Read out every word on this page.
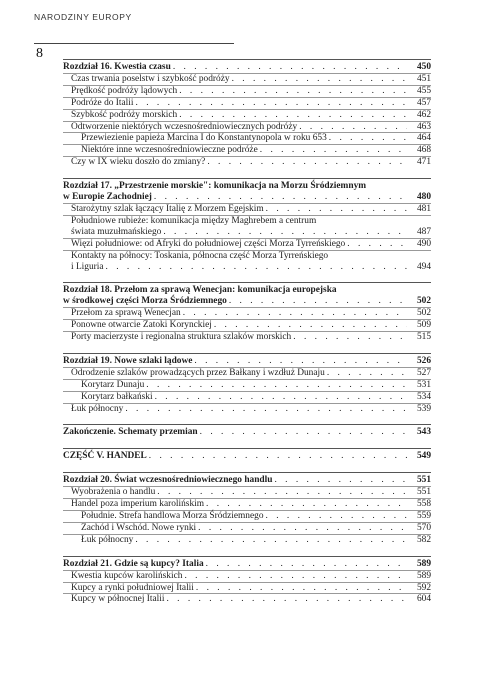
NARODZINY EUROPY
8
Rozdział 16. Kwestia czasu . . .	450
Czas trwania poselstw i szybkość podróży . . .	451
Prędkość podróży lądowych . . .	455
Podróże do Italii . . .	457
Szybkość podróży morskich . . .	462
Odtworzenie niektórych wczesnośredniowiecznych podróży . . .	463
Przewiezienie papieża Marcina I do Konstantynopola w roku 653 . . .	464
Niektóre inne wczesnośredniowieczne podróże . . .	468
Czy w IX wieku doszło do zmiany? . . .	471
Rozdział 17. „Przestrzenie morskie": komunikacja na Morzu Śródziemnym
w Europie Zachodniej . . .	480
Starożytny szlak łączący Italię z Morzem Egejskim . . .	481
Południowe rubieże: komunikacja między Maghrebem a centrum
świata muzułmańskiego . . .	487
Więzi południowe: od Afryki do południowej części Morza Tyrreńskiego . . .	490
Kontakty na północy: Toskania, północna część Morza Tyrreńskiego
i Liguria . . .	494
Rozdział 18. Przełom za sprawą Wenecjan: komunikacja europejska
w środkowej części Morza Śródziemnego . . .	502
Przełom za sprawą Wenecjan . . .	502
Ponowne otwarcie Zatoki Korynckiej . . .	509
Porty macierzyste i regionalna struktura szlaków morskich . . .	515
Rozdział 19. Nowe szlaki lądowe . . .	526
Odrodzenie szlaków prowadzących przez Bałkany i wzdłuż Dunaju . . .	527
Korytarz Dunaju . . .	531
Korytarz bałkański . . .	534
Łuk północny . . .	539
Zakończenie. Schematy przemian . . .	543
CZĘŚĆ V. HANDEL . . .	549
Rozdział 20. Świat wczesnośredniowiecznego handlu . . .	551
Wyobrażenia o handlu . . .	551
Handel poza imperium karolińskim . . .	558
Południe. Strefa handlowa Morza Śródziemnego . . .	559
Zachód i Wschód. Nowe rynki . . .	570
Łuk północny . . .	582
Rozdział 21. Gdzie są kupcy? Italia . . .	589
Kwestia kupców karolińskich . . .	589
Kupcy a rynki południowej Italii . . .	592
Kupcy w północnej Italii . . .	604
